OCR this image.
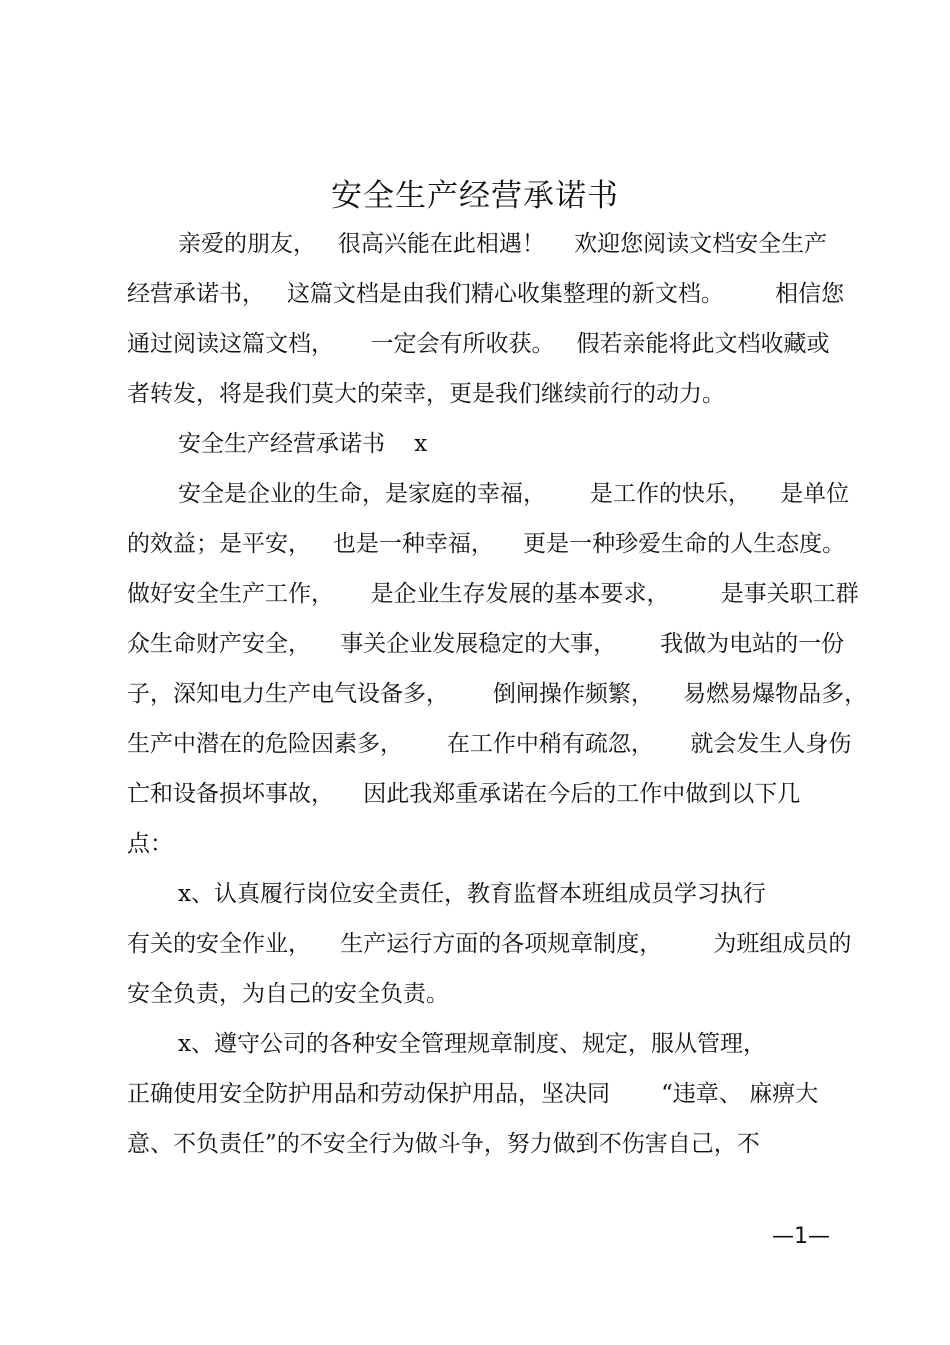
安全生产经营承诺书
亲爱的朋友，   很高兴能在此相遇！    欢迎您阅读文档安全生产
经营承诺书，   这篇文档是由我们精心收集整理的新文档。       相信您
通过阅读这篇文档，     一定会有所收获。   假若亲能将此文档收藏或
者转发，将是我们莫大的荣幸，更是我们继续前行的动力。
安全生产经营承诺书    x
安全是企业的生命，是家庭的幸福，      是工作的快乐，    是单位
的效益；是平安，   也是一种幸福，    更是一种珍爱生命的人生态度。
做好安全生产工作，     是企业生存发展的基本要求，       是事关职工群
众生命财产安全，    事关企业发展稳定的大事，      我做为电站的一份
子，深知电力生产电气设备多，      倒闸操作频繁，    易燃易爆物品多，
生产中潜在的危险因素多，      在工作中稍有疏忽，     就会发生人身伤
亡和设备损坏事故，    因此我郑重承诺在今后的工作中做到以下几
点：
x、认真履行岗位安全责任，教育监督本班组成员学习执行
有关的安全作业，    生产运行方面的各项规章制度，       为班组成员的
安全负责，为自己的安全负责。
x、遵守公司的各种安全管理规章制度、规定，服从管理，
正确使用安全防护用品和劳动保护用品，坚决同       “违章、 麻痹大
意、不负责任”的不安全行为做斗争，努力做到不伤害自己，不
—1—
